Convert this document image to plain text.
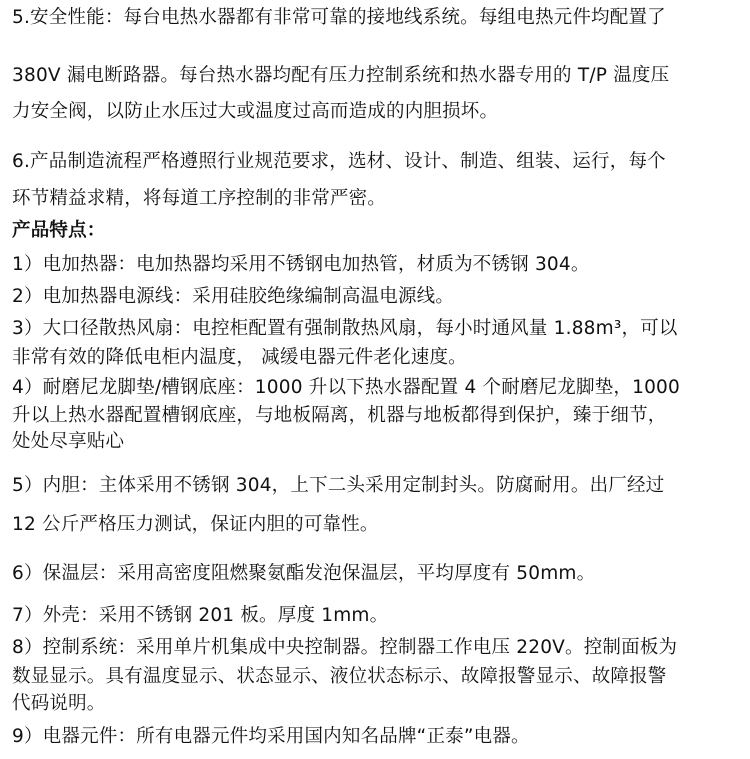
5.安全性能：每台电热水器都有非常可靠的接地线系统。每组电热元件均配置了
380V 漏电断路器。每台热水器均配有压力控制系统和热水器专用的 T/P 温度压
力安全阀，以防止水压过大或温度过高而造成的内胆损坏。
6.产品制造流程严格遵照行业规范要求，选材、设计、制造、组装、运行，每个
环节精益求精，将每道工序控制的非常严密。
产品特点：
1）电加热器：电加热器均采用不锈钢电加热管，材质为不锈钢 304。
2）电加热器电源线：采用硅胶绝缘编制高温电源线。
3）大口径散热风扇：电控柜配置有强制散热风扇，每小时通风量 1.88m³，可以
非常有效的降低电柜内温度， 减缓电器元件老化速度。
4）耐磨尼龙脚垫/槽钢底座：1000 升以下热水器配置 4 个耐磨尼龙脚垫，1000
升以上热水器配置槽钢底座，与地板隔离，机器与地板都得到保护，臻于细节，
处处尽享贴心
5）内胆：主体采用不锈钢 304，上下二头采用定制封头。防腐耐用。出厂经过
12 公斤严格压力测试，保证内胆的可靠性。
6）保温层：采用高密度阻燃聚氨酯发泡保温层，平均厚度有 50mm。
7）外壳：采用不锈钢 201 板。厚度 1mm。
8）控制系统：采用单片机集成中央控制器。控制器工作电压 220V。控制面板为
数显显示。具有温度显示、状态显示、液位状态标示、故障报警显示、故障报警
代码说明。
9）电器元件：所有电器元件均采用国内知名品牌“正泰”电器。
